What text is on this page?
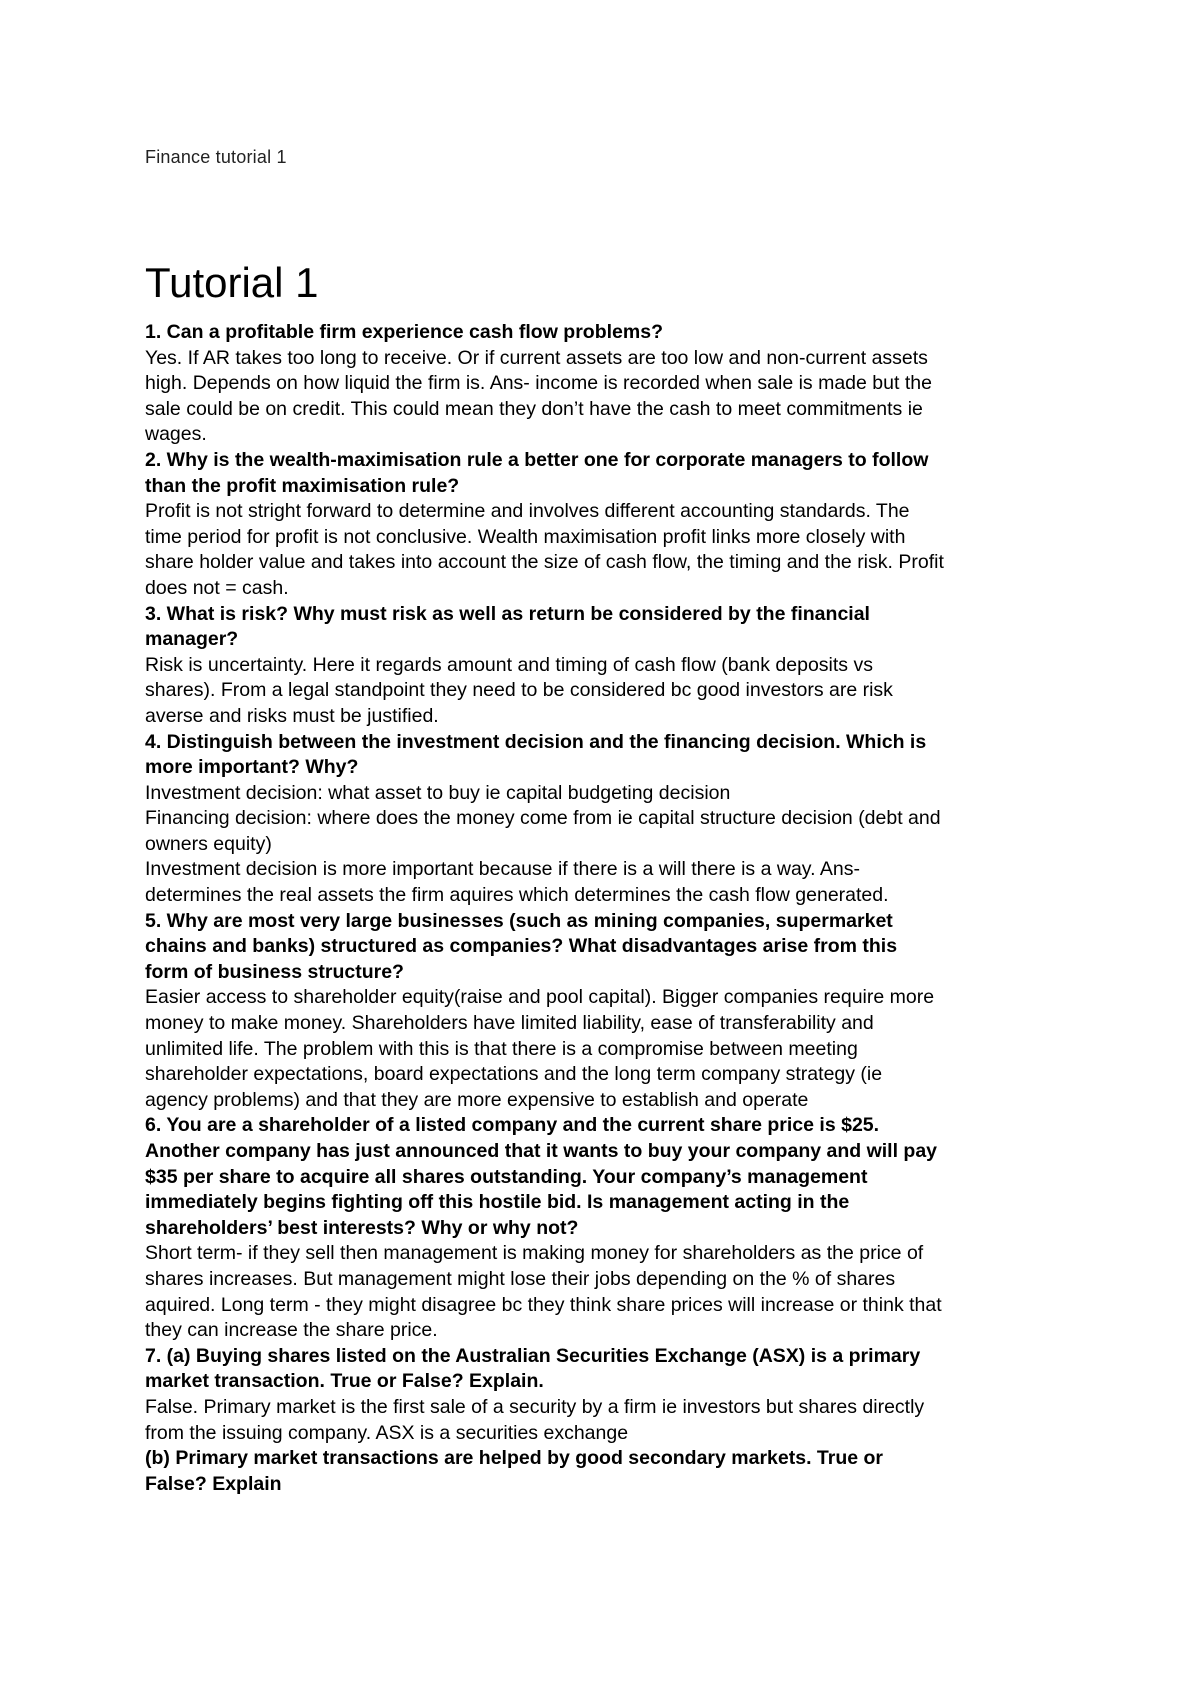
Finance tutorial 1
Tutorial 1
1. Can a profitable firm experience cash flow problems?
Yes. If AR takes too long to receive. Or if current assets are too low and non-current assets
high. Depends on how liquid the firm is. Ans- income is recorded when sale is made but the
sale could be on credit. This could mean they don’t have the cash to meet commitments ie
wages.
2. Why is the wealth-maximisation rule a better one for corporate managers to follow
than the profit maximisation rule?
Profit is not stright forward to determine and involves different accounting standards. The
time period for profit is not conclusive. Wealth maximisation profit links more closely with
share holder value and takes into account the size of cash flow, the timing and the risk. Profit
does not = cash.
3. What is risk? Why must risk as well as return be considered by the financial
manager?
Risk is uncertainty. Here it regards amount and timing of cash flow (bank deposits vs
shares). From a legal standpoint they need to be considered bc good investors are risk
averse and risks must be justified.
4. Distinguish between the investment decision and the financing decision. Which is
more important? Why?
Investment decision: what asset to buy ie capital budgeting decision
Financing decision: where does the money come from ie capital structure decision (debt and
owners equity)
Investment decision is more important because if there is a will there is a way. Ans-
determines the real assets the firm aquires which determines the cash flow generated.
5. Why are most very large businesses (such as mining companies, supermarket
chains and banks) structured as companies? What disadvantages arise from this
form of business structure?
Easier access to shareholder equity(raise and pool capital). Bigger companies require more
money to make money. Shareholders have limited liability, ease of transferability and
unlimited life. The problem with this is that there is a compromise between meeting
shareholder expectations, board expectations and the long term company strategy (ie
agency problems) and that they are more expensive to establish and operate
6. You are a shareholder of a listed company and the current share price is $25.
Another company has just announced that it wants to buy your company and will pay
$35 per share to acquire all shares outstanding. Your company’s management
immediately begins fighting off this hostile bid. Is management acting in the
shareholders’ best interests? Why or why not?
Short term- if they sell then management is making money for shareholders as the price of
shares increases. But management might lose their jobs depending on the % of shares
aquired. Long term - they might disagree bc they think share prices will increase or think that
they can increase the share price.
7. (a) Buying shares listed on the Australian Securities Exchange (ASX) is a primary
market transaction. True or False? Explain.
False. Primary market is the first sale of a security by a firm ie investors but shares directly
from the issuing company. ASX is a securities exchange
(b) Primary market transactions are helped by good secondary markets. True or
False? Explain
